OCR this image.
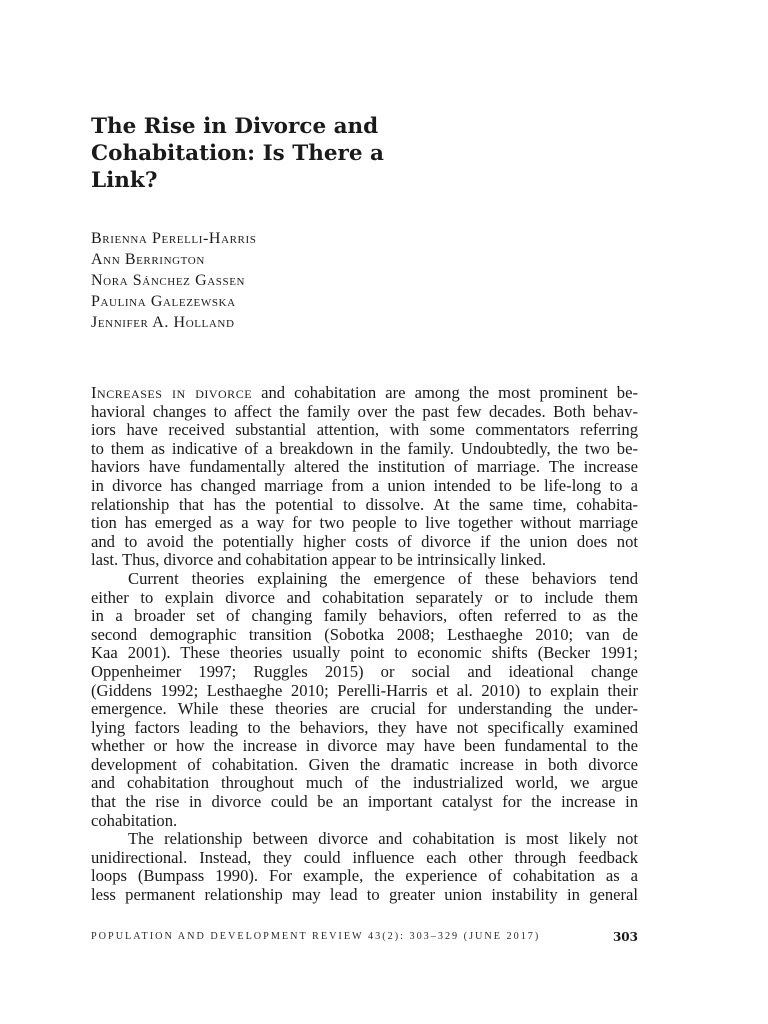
The Rise in Divorce and Cohabitation: Is There a Link?
Brienna Perelli-Harris
Ann Berrington
Nora Sánchez Gassen
Paulina Galezewska
Jennifer A. Holland

Increases in divorce and cohabitation are among the most prominent be-
havioral changes to affect the family over the past few decades. Both behav-
iors have received substantial attention, with some commentators referring
to them as indicative of a breakdown in the family. Undoubtedly, the two be-
haviors have fundamentally altered the institution of marriage. The increase
in divorce has changed marriage from a union intended to be life-long to a
relationship that has the potential to dissolve. At the same time, cohabita-
tion has emerged as a way for two people to live together without marriage
and to avoid the potentially higher costs of divorce if the union does not
last. Thus, divorce and cohabitation appear to be intrinsically linked.

Current theories explaining the emergence of these behaviors tend
either to explain divorce and cohabitation separately or to include them
in a broader set of changing family behaviors, often referred to as the
second demographic transition (Sobotka 2008; Lesthaeghe 2010; van de
Kaa 2001). These theories usually point to economic shifts (Becker 1991;
Oppenheimer 1997; Ruggles 2015) or social and ideational change
(Giddens 1992; Lesthaeghe 2010; Perelli-Harris et al. 2010) to explain their
emergence. While these theories are crucial for understanding the under-
lying factors leading to the behaviors, they have not specifically examined
whether or how the increase in divorce may have been fundamental to the
development of cohabitation. Given the dramatic increase in both divorce
and cohabitation throughout much of the industrialized world, we argue
that the rise in divorce could be an important catalyst for the increase in
cohabitation.

The relationship between divorce and cohabitation is most likely not
unidirectional. Instead, they could influence each other through feedback
loops (Bumpass 1990). For example, the experience of cohabitation as a
less permanent relationship may lead to greater union instability in general

POPULATION AND DEVELOPMENT REVIEW 43(2): 303–329 (JUNE 2017)	303
